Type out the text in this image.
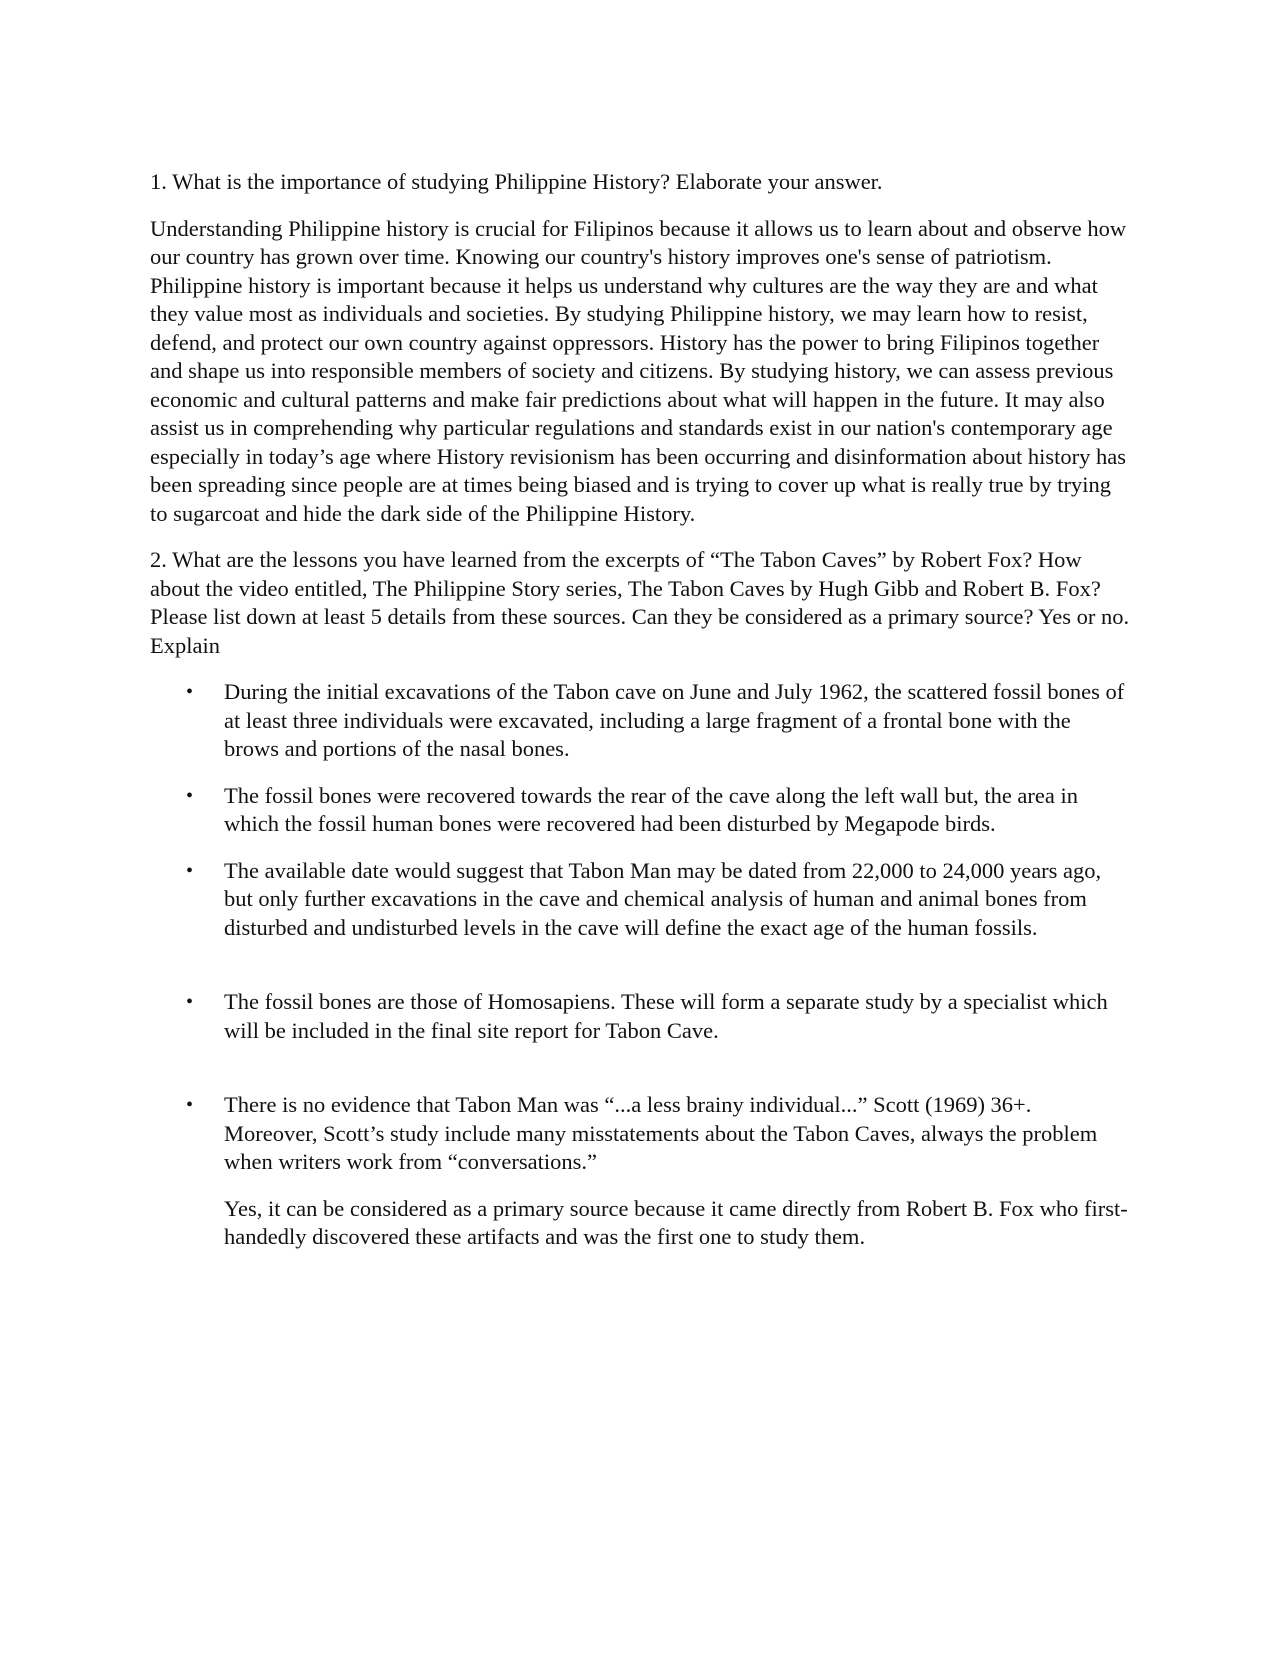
1. What is the importance of studying Philippine History? Elaborate your answer.

Understanding Philippine history is crucial for Filipinos because it allows us to learn about and observe how our country has grown over time. Knowing our country's history improves one's sense of patriotism. Philippine history is important because it helps us understand why cultures are the way they are and what they value most as individuals and societies. By studying Philippine history, we may learn how to resist, defend, and protect our own country against oppressors. History has the power to bring Filipinos together and shape us into responsible members of society and citizens. By studying history, we can assess previous economic and cultural patterns and make fair predictions about what will happen in the future. It may also assist us in comprehending why particular regulations and standards exist in our nation's contemporary age especially in today’s age where History revisionism has been occurring and disinformation about history has been spreading since people are at times being biased and is trying to cover up what is really true by trying to sugarcoat and hide the dark side of the Philippine History.

2. What are the lessons you have learned from the excerpts of “The Tabon Caves” by Robert Fox? How about the video entitled, The Philippine Story series, The Tabon Caves by Hugh Gibb and Robert B. Fox? Please list down at least 5 details from these sources. Can they be considered as a primary source? Yes or no. Explain

• During the initial excavations of the Tabon cave on June and July 1962, the scattered fossil bones of at least three individuals were excavated, including a large fragment of a frontal bone with the brows and portions of the nasal bones.
• The fossil bones were recovered towards the rear of the cave along the left wall but, the area in which the fossil human bones were recovered had been disturbed by Megapode birds.
• The available date would suggest that Tabon Man may be dated from 22,000 to 24,000 years ago, but only further excavations in the cave and chemical analysis of human and animal bones from disturbed and undisturbed levels in the cave will define the exact age of the human fossils.
• The fossil bones are those of Homosapiens. These will form a separate study by a specialist which will be included in the final site report for Tabon Cave.
• There is no evidence that Tabon Man was “...a less brainy individual...” Scott (1969) 36+. Moreover, Scott’s study include many misstatements about the Tabon Caves, always the problem when writers work from “conversations.”

Yes, it can be considered as a primary source because it came directly from Robert B. Fox who first-handedly discovered these artifacts and was the first one to study them.
